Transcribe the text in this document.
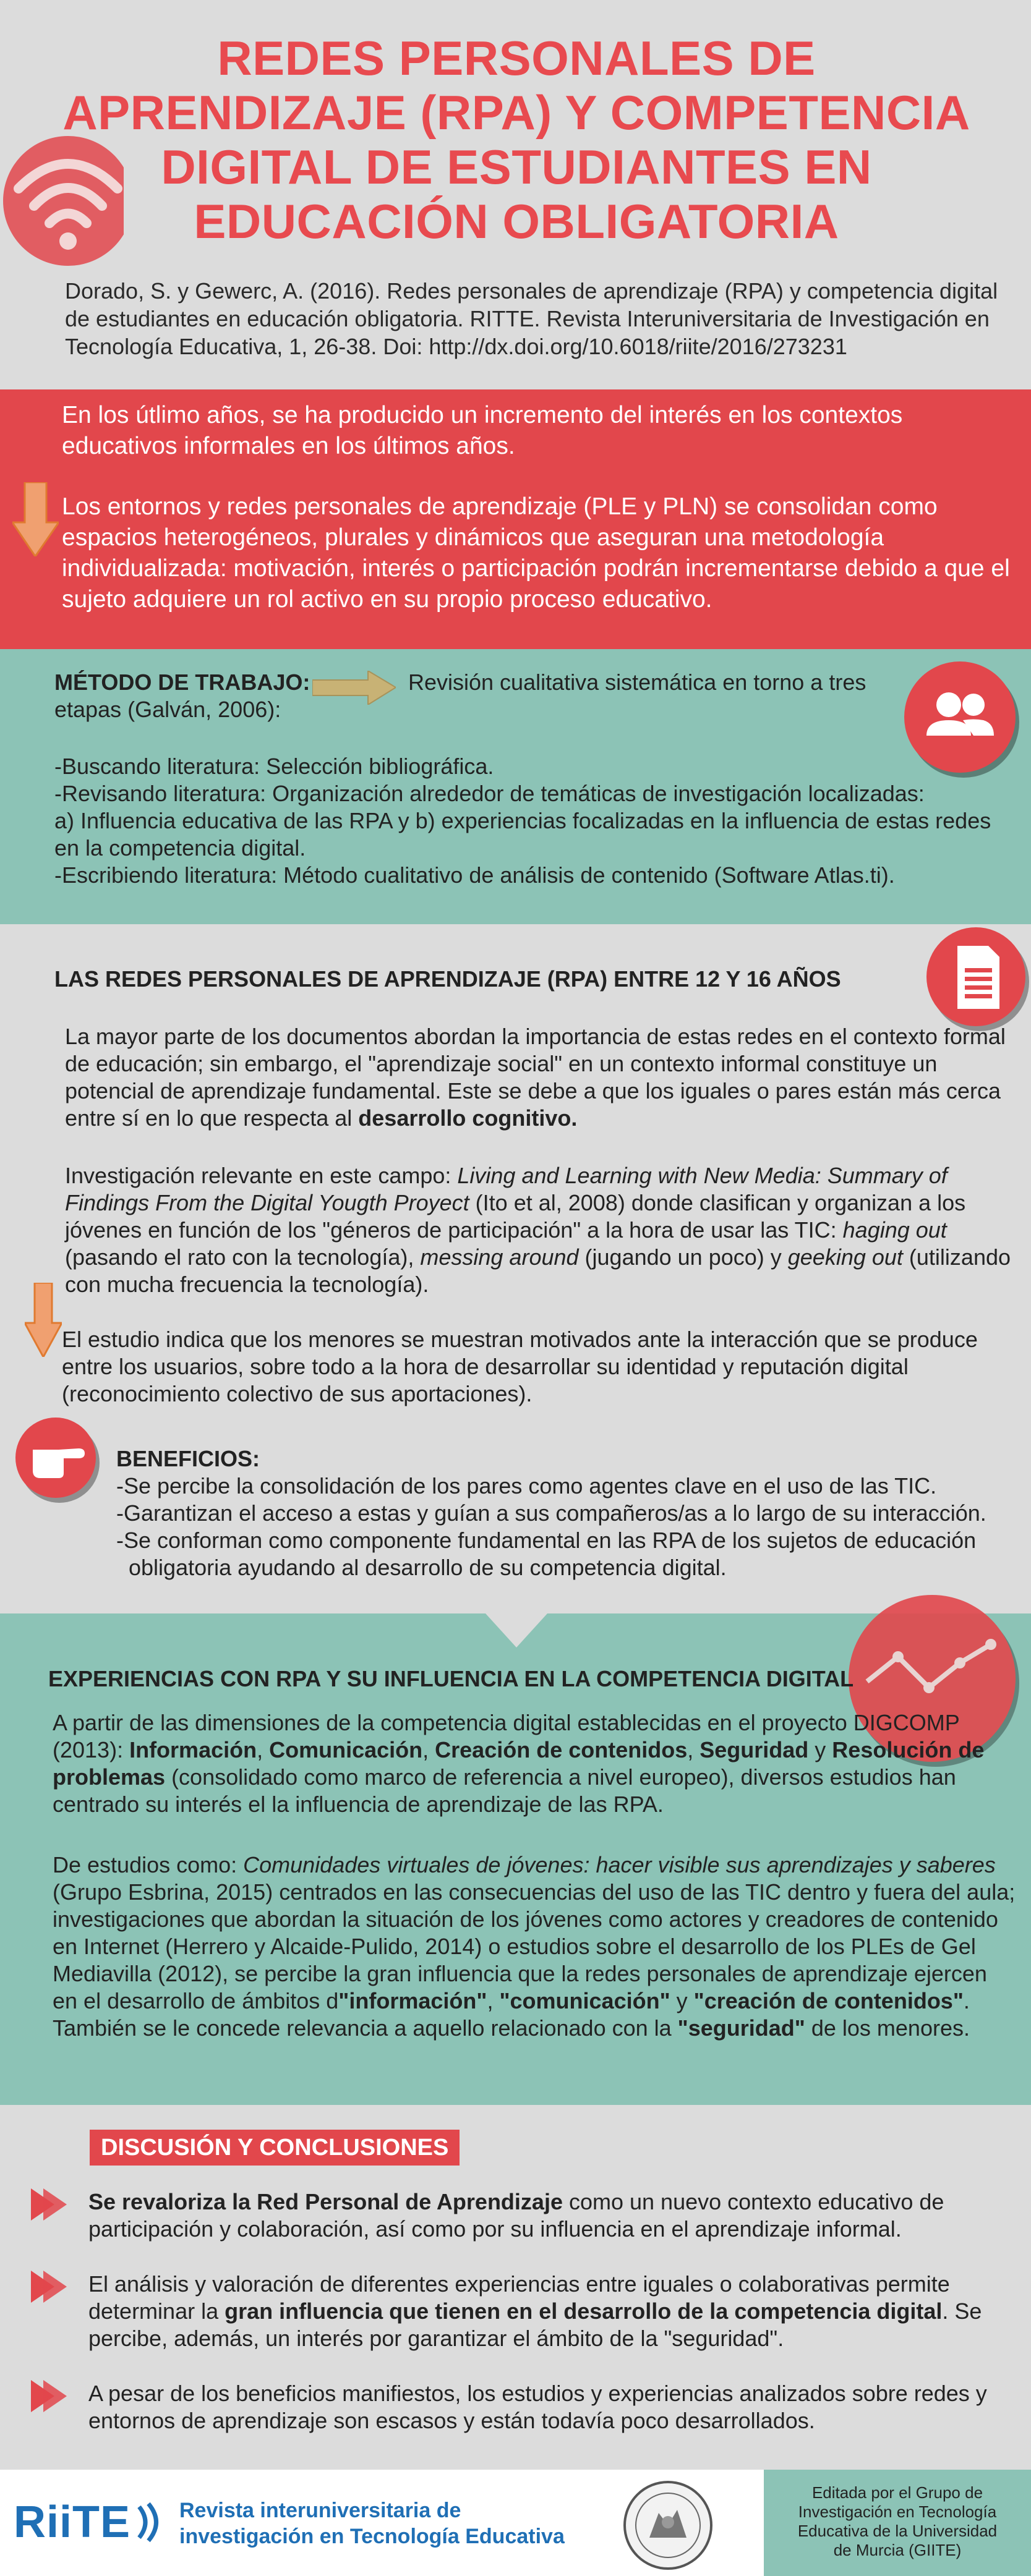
REDES PERSONALES DE APRENDIZAJE (RPA) Y COMPETENCIA DIGITAL DE ESTUDIANTES EN EDUCACIÓN OBLIGATORIA
Dorado, S. y Gewerc, A. (2016). Redes personales de aprendizaje (RPA) y competencia digital de estudiantes en educación obligatoria. RITTE. Revista Interuniversitaria de Investigación en Tecnología Educativa, 1, 26-38. Doi: http://dx.doi.org/10.6018/riite/2016/273231
En los útlimo años, se ha producido un incremento del interés en los contextos educativos informales en los últimos años.
Los entornos y redes personales de aprendizaje (PLE y PLN) se consolidan como espacios heterogéneos, plurales y dinámicos que aseguran una metodología individualizada: motivación, interés o participación podrán incrementarse debido a que el sujeto adquiere un rol activo en su propio proceso educativo.
MÉTODO DE TRABAJO:	Revisión cualitativa sistemática en torno a tres
etapas (Galván, 2006):
-Buscando literatura: Selección bibliográfica.
-Revisando literatura: Organización alrededor de temáticas de investigación localizadas:
a) Influencia educativa de las RPA y b) experiencias focalizadas en la influencia de estas redes en la competencia digital.
-Escribiendo literatura: Método cualitativo de análisis de contenido (Software Atlas.ti).
LAS REDES PERSONALES DE APRENDIZAJE (RPA) ENTRE 12 Y 16 AÑOS
La mayor parte de los documentos abordan la importancia de estas redes en el contexto formal de educación; sin embargo, el "aprendizaje social" en un contexto informal constituye un potencial de aprendizaje fundamental. Este se debe a que los iguales o pares están más cerca entre sí en lo que respecta al desarrollo cognitivo.
Investigación relevante en este campo: Living and Learning with New Media: Summary of Findings From the Digital Yougth Proyect (Ito et al, 2008) donde clasifican y organizan a los jóvenes en función de los "géneros de participación" a la hora de usar las TIC: haging out (pasando el rato con la tecnología), messing around (jugando un poco) y geeking out (utilizando con mucha frecuencia la tecnología).
El estudio indica que los menores se muestran motivados ante la interacción que se produce entre los usuarios, sobre todo a la hora de desarrollar su identidad y reputación digital (reconocimiento colectivo de sus aportaciones).
BENEFICIOS:
-Se percibe la consolidación de los pares como agentes clave en el uso de las TIC.
-Garantizan el acceso a estas y guían a sus compañeros/as a lo largo de su interacción.
-Se conforman como componente fundamental en las RPA de los sujetos de educación
obligatoria ayudando al desarrollo de su competencia digital.
EXPERIENCIAS CON RPA Y SU INFLUENCIA EN LA COMPETENCIA DIGITAL
A partir de las dimensiones de la competencia digital establecidas en el proyecto DIGCOMP (2013): Información, Comunicación, Creación de contenidos, Seguridad y Resolución de problemas (consolidado como marco de referencia a nivel europeo), diversos estudios han centrado su interés el la influencia de aprendizaje de las RPA.
De estudios como: Comunidades virtuales de jóvenes: hacer visible sus aprendizajes y saberes (Grupo Esbrina, 2015) centrados en las consecuencias del uso de las TIC dentro y fuera del aula; investigaciones que abordan la situación de los jóvenes como actores y creadores de contenido en Internet (Herrero y Alcaide-Pulido, 2014) o estudios sobre el desarrollo de los PLEs de Gel Mediavilla (2012), se percibe la gran influencia que la redes personales de aprendizaje ejercen en el desarrollo de ámbitos d"información", "comunicación" y "creación de contenidos". También se le concede relevancia a aquello relacionado con la "seguridad" de los menores.
DISCUSIÓN Y CONCLUSIONES
Se revaloriza la Red Personal de Aprendizaje como un nuevo contexto educativo de participación y colaboración, así como por su influencia en el aprendizaje informal.
El análisis y valoración de diferentes experiencias entre iguales o colaborativas permite determinar la gran influencia que tienen en el desarrollo de la competencia digital. Se percibe, además, un interés por garantizar el ámbito de la "seguridad".
A pesar de los beneficios manifiestos, los estudios y experiencias analizados sobre redes y entornos de aprendizaje son escasos y están todavía poco desarrollados.
RiiTE Revista interuniversitaria de
investigación en Tecnología Educativa
Editada por el Grupo de Investigación en Tecnología Educativa de la Universidad de Murcia (GIITE)
